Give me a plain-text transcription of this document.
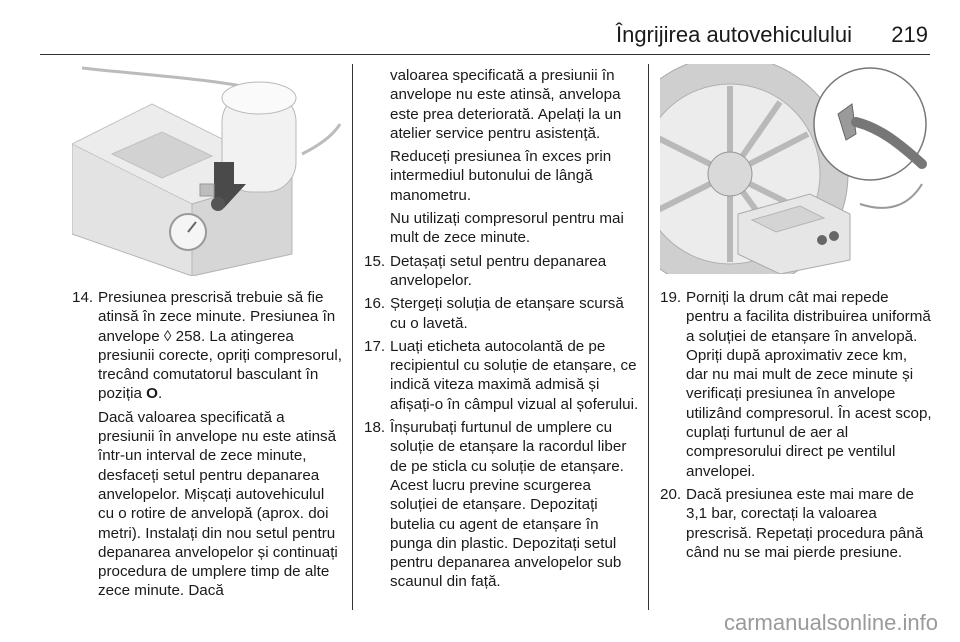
Îngrijirea autovehiculului 219
14. Presiunea prescrisă trebuie să fie atinsă în zece minute. Presiunea în anvelope ◊ 258. La atingerea presiunii corecte, opriți compresorul, trecând comutatorul basculant în poziția O.

Dacă valoarea specificată a presiunii în anvelope nu este atinsă într-un interval de zece minute, desfaceți setul pentru depanarea anvelopelor. Mișcați autovehiculul cu o rotire de anvelopă (aprox. doi metri). Instalați din nou setul pentru depanarea anvelopelor și continuați procedura de umplere timp de alte zece minute. Dacă

valoarea specificată a presiunii în anvelope nu este atinsă, anvelopa este prea deteriorată. Apelați la un atelier service pentru asistență.

Reduceți presiunea în exces prin intermediul butonului de lângă manometru.

Nu utilizați compresorul pentru mai mult de zece minute.

15. Detașați setul pentru depanarea anvelopelor.
16. Ștergeți soluția de etanșare scursă cu o lavetă.
17. Luați eticheta autocolantă de pe recipientul cu soluție de etanșare, ce indică viteza maximă admisă și afișați-o în câmpul vizual al șoferului.
18. Înșurubați furtunul de umplere cu soluție de etanșare la racordul liber de pe sticla cu soluție de etanșare. Acest lucru previne scurgerea soluției de etanșare. Depozitați butelia cu agent de etanșare în punga din plastic. Depozitați setul pentru depanarea anvelopelor sub scaunul din față.
19. Porniți la drum cât mai repede pentru a facilita distribuirea uniformă a soluției de etanșare în anvelopă. Opriți după aproximativ zece km, dar nu mai mult de zece minute și verificați presiunea în anvelope utilizând compresorul. În acest scop, cuplați furtunul de aer al compresorului direct pe ventilul anvelopei.
20. Dacă presiunea este mai mare de 3,1 bar, corectați la valoarea prescrisă. Repetați procedura până când nu se mai pierde presiune.
carmanualsonline.info
